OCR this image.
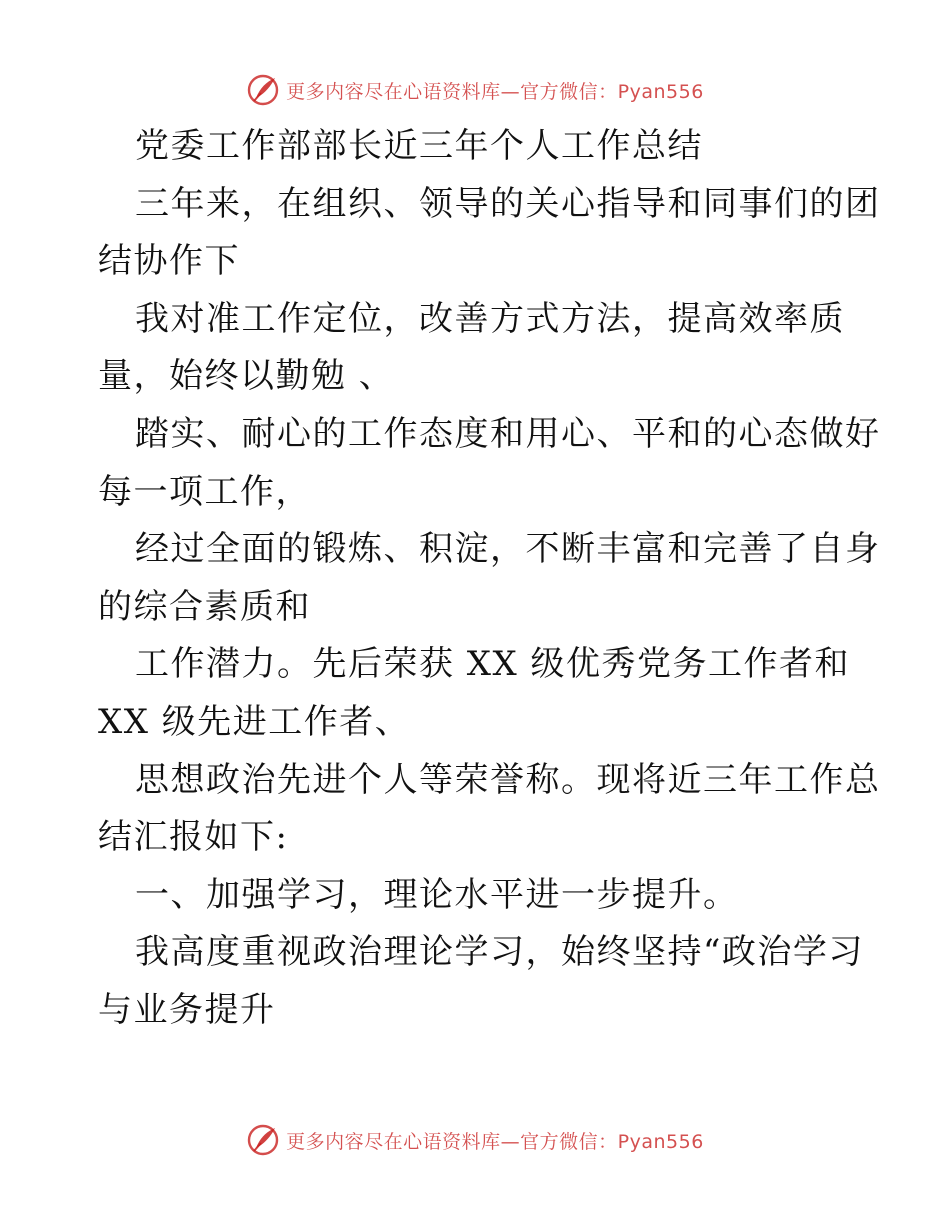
更多内容尽在心语资料库—官方微信：Pyan556
党委工作部部长近三年个人工作总结
三年来，在组织、领导的关心指导和同事们的团
结协作下
我对准工作定位，改善方式方法，提高效率质
量，始终以勤勉 、
踏实、耐心的工作态度和用心、平和的心态做好
每一项工作，
经过全面的锻炼、积淀，不断丰富和完善了自身
的综合素质和
工作潜力。先后荣获 XX 级优秀党务工作者和
XX 级先进工作者、
思想政治先进个人等荣誉称。现将近三年工作总
结汇报如下:
一、加强学习，理论水平进一步提升。
我高度重视政治理论学习，始终坚持“政治学习
与业务提升
更多内容尽在心语资料库—官方微信：Pyan556
